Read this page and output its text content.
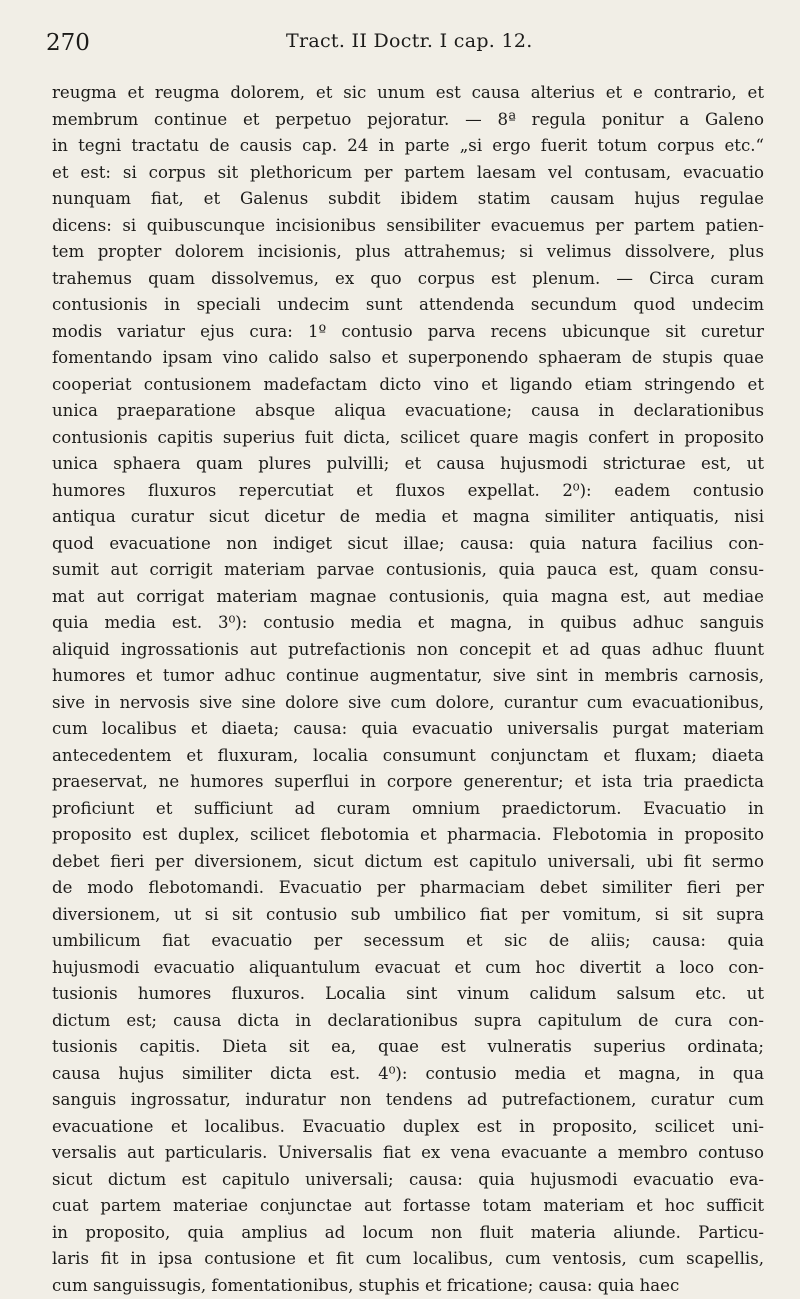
270	Tract. II Doctr. I cap. 12.
reugma et reugma dolorem, et sic unum est causa alterius et e contrario, et
membrum continue et perpetuo pejoratur. — 8ª regula ponitur a Galeno
in tegni tractatu de causis cap. 24 in parte „si ergo fuerit totum corpus etc.“
et est: si corpus sit plethoricum per partem laesam vel contusam, evacuatio
nunquam fiat, et Galenus subdit ibidem statim causam hujus regulae
dicens: si quibuscunque incisionibus sensibiliter evacuemus per partem patien-
tem propter dolorem incisionis, plus attrahemus; si velimus dissolvere, plus
trahemus quam dissolvemus, ex quo corpus est plenum. — Circa curam
contusionis in speciali undecim sunt attendenda secundum quod undecim
modis variatur ejus cura: 1º contusio parva recens ubicunque sit curetur
fomentando ipsam vino calido salso et superponendo sphaeram de stupis quae
cooperiat contusionem madefactam dicto vino et ligando etiam stringendo et
unica praeparatione absque aliqua evacuatione; causa in declarationibus
contusionis capitis superius fuit dicta, scilicet quare magis confert in proposito
unica sphaera quam plures pulvilli; et causa hujusmodi stricturae est, ut
humores fluxuros repercutiat et fluxos expellat. 2⁰): eadem contusio
antiqua curatur sicut dicetur de media et magna similiter antiquatis, nisi
quod evacuatione non indiget sicut illae; causa: quia natura facilius con-
sumit aut corrigit materiam parvae contusionis, quia pauca est, quam consu-
mat aut corrigat materiam magnae contusionis, quia magna est, aut mediae
quia media est. 3⁰): contusio media et magna, in quibus adhuc sanguis
aliquid ingrossationis aut putrefactionis non concepit et ad quas adhuc fluunt
humores et tumor adhuc continue augmentatur, sive sint in membris carnosis,
sive in nervosis sive sine dolore sive cum dolore, curantur cum evacuationibus,
cum localibus et diaeta; causa: quia evacuatio universalis purgat materiam
antecedentem et fluxuram, localia consumunt conjunctam et fluxam; diaeta
praeservat, ne humores superflui in corpore generentur; et ista tria praedicta
proficiunt et sufficiunt ad curam omnium praedictorum. Evacuatio in
proposito est duplex, scilicet flebotomia et pharmacia. Flebotomia in proposito
debet fieri per diversionem, sicut dictum est capitulo universali, ubi fit sermo
de modo flebotomandi. Evacuatio per pharmaciam debet similiter fieri per
diversionem, ut si sit contusio sub umbilico fiat per vomitum, si sit supra
umbilicum fiat evacuatio per secessum et sic de aliis; causa: quia
hujusmodi evacuatio aliquantulum evacuat et cum hoc divertit a loco con-
tusionis humores fluxuros. Localia sint vinum calidum salsum etc. ut
dictum est; causa dicta in declarationibus supra capitulum de cura con-
tusionis capitis. Dieta sit ea, quae est vulneratis superius ordinata;
causa hujus similiter dicta est. 4⁰): contusio media et magna, in qua
sanguis ingrossatur, induratur non tendens ad putrefactionem, curatur cum
evacuatione et localibus. Evacuatio duplex est in proposito, scilicet uni-
versalis aut particularis. Universalis fiat ex vena evacuante a membro contuso
sicut dictum est capitulo universali; causa: quia hujusmodi evacuatio eva-
cuat partem materiae conjunctae aut fortasse totam materiam et hoc sufficit
in proposito, quia amplius ad locum non fluit materia aliunde. Particu-
laris fit in ipsa contusione et fit cum localibus, cum ventosis, cum scapellis,
cum sanguissugis, fomentationibus, stuphis et fricatione; causa: quia haec
